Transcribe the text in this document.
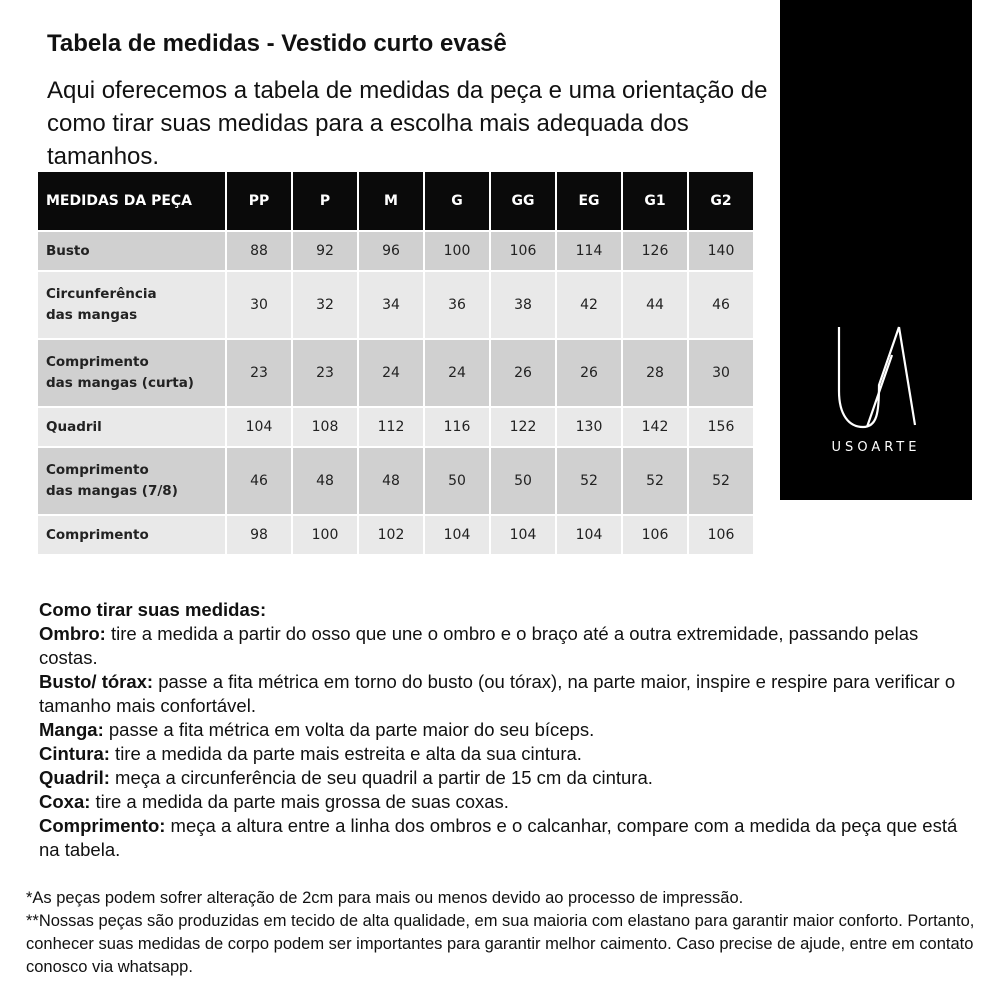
Tabela de medidas - Vestido curto evasê

Aqui oferecemos a tabela de medidas da peça e uma orientação de como tirar suas medidas para a escolha mais adequada dos tamanhos.

MEDIDAS DA PEÇA	PP	P	M	G	GG	EG	G1	G2
Busto	88	92	96	100	106	114	126	140
Circunferência
das mangas	30	32	34	36	38	42	44	46
Comprimento
das mangas (curta)	23	23	24	24	26	26	28	30
Quadril	104	108	112	116	122	130	142	156
Comprimento
das mangas (7/8)	46	48	48	50	50	52	52	52
Comprimento	98	100	102	104	104	104	106	106
USOARTE

Como tirar suas medidas:

Ombro: tire a medida a partir do osso que une o ombro e o braço até a outra extremidade, passando pelas costas.

Busto/ tórax: passe a fita métrica em torno do busto (ou tórax), na parte maior, inspire e respire para verificar o tamanho mais confortável.

Manga: passe a fita métrica em volta da parte maior do seu bíceps.

Cintura: tire a medida da parte mais estreita e alta da sua cintura.

Quadril: meça a circunferência de seu quadril a partir de 15 cm da cintura.

Coxa: tire a medida da parte mais grossa de suas coxas.

Comprimento: meça a altura entre a linha dos ombros e o calcanhar, compare com a medida da peça que está na tabela.

*As peças podem sofrer alteração de 2cm para mais ou menos devido ao processo de impressão.

**Nossas peças são produzidas em tecido de alta qualidade, em sua maioria com elastano para garantir maior conforto. Portanto, conhecer suas medidas de corpo podem ser importantes para garantir melhor caimento. Caso precise de ajude, entre em contato conosco via whatsapp.
